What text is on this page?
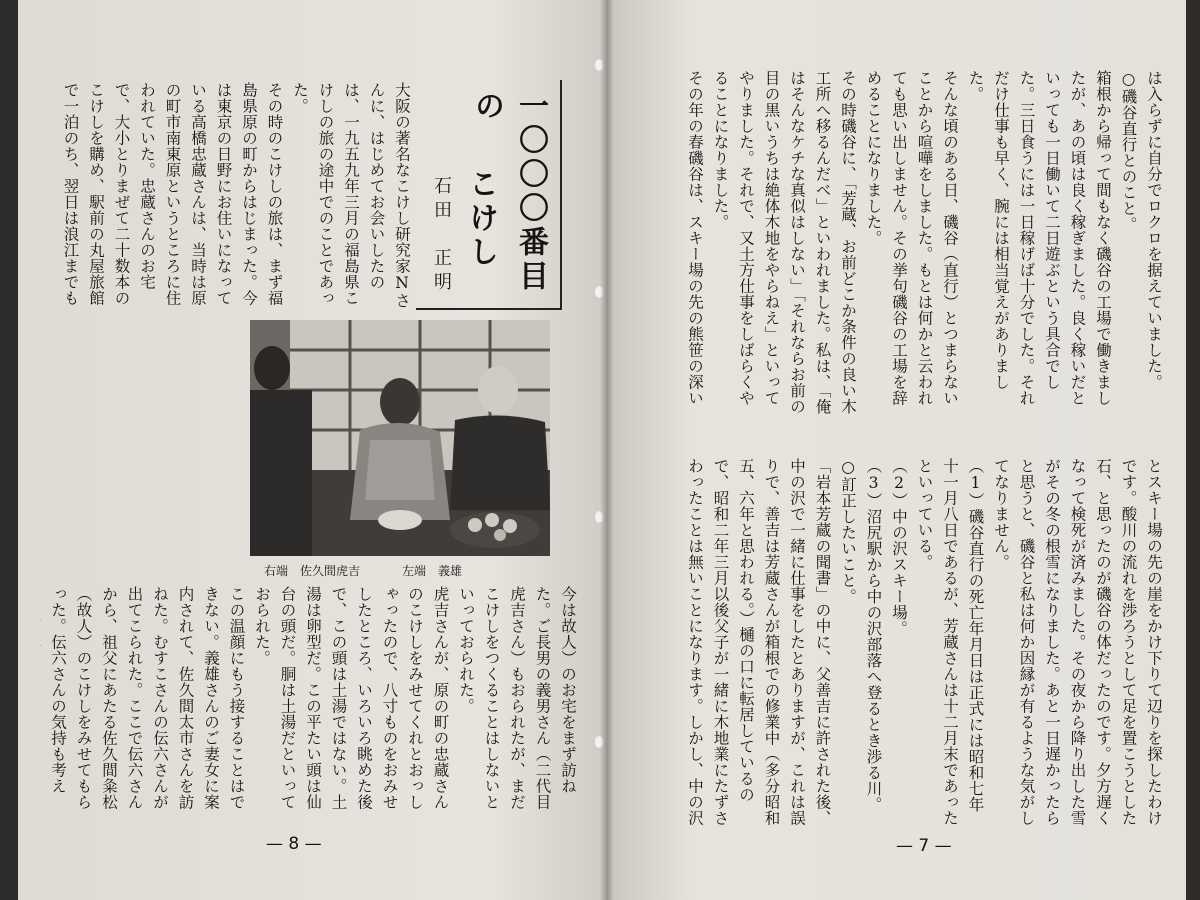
一〇〇〇番目の
こけし
石田　正明
大阪の著名なこけし研究家Nさんに、はじめてお会いしたのは、一九五九年三月の福島県こけしの旅の途中でのことであった。
その時のこけしの旅は、まず福島県原の町からはじまった。今は東京の日野にお住いになっている高橋忠蔵さんは、当時は原の町市南東原というところに住われていた。忠蔵さんのお宅で、大小とりまぜて二十数本のこけしを購め、駅前の丸屋旅館で一泊のち、翌日は浪江までも

右端　佐久間虎吉	左端　義雄
今は故人）のお宅をまず訪ねた。ご長男の義男さん（二代目虎吉さん）もおられたが、まだこけしをつくることはしないといっておられた。
虎吉さんが、原の町の忠蔵さんのこけしをみせてくれとおっしゃったので、八寸ものをおみせしたところ、いろいろ眺めた後で、この頭は土湯ではない。土湯は卵型だ。この平たい頭は仙台の頭だ。胴は土湯だといっておられた。
この温顔にもう接することはできない。義雄さんのご妻女に案内されて、佐久間太市さんを訪ねた。むすこさんの伝六さんが出てこられた。ここで伝六さんから、祖父にあたる佐久間粂松（故人）のこけしをみせてもらった。伝六さんの気持も考え

— 8 —
は入らずに自分でロクロを据えていました。
○磯谷直行とのこと。
箱根から帰って間もなく磯谷の工場で働きましたが、あの頃は良く稼ぎました。良く稼いだといっても一日働いて二日遊ぶという具合でした。三日食うには一日稼げば十分でした。それだけ仕事も早く、腕には相当覚えがありました。
そんな頃のある日、磯谷（直行）とつまらないことから喧嘩をしました。もとは何かと云われても思い出しません。その挙句磯谷の工場を辞めることになりました。
その時磯谷に、「芳蔵、お前どこか条件の良い木工所へ移るんだべ」といわれました。私は、「俺はそんなケチな真似はしない」「それならお前の目の黒いうちは絶体木地をやらねえ」といってやりました。それで、又土方仕事をしばらくやることになりました。
その年の春磯谷は、スキー場の先の熊笹の深い
とスキー場の先の崖をかけ下りて辺りを探したわけです。酸川の流れを渉ろうとして足を置こうとした石、と思ったのが磯谷の体だったのです。夕方遅くなって検死が済みました。その夜から降り出した雪がその冬の根雪になりました。あと一日遅かったらと思うと、磯谷と私は何か因縁が有るような気がしてなりません。
（1）磯谷直行の死亡年月日は正式には昭和七年十一月八日であるが、芳蔵さんは十二月末であったといっている。
（2）中の沢スキー場。
（3）沼尻駅から中の沢部落へ登るとき渉る川。
○訂正したいこと。
「岩本芳蔵の聞書」の中に、父善吉に許された後、中の沢で一緒に仕事をしたとありますが、これは誤りで、善吉は芳蔵さんが箱根での修業中（多分昭和五、六年と思われる。）樋の口に転居しているので、昭和二年三月以後父子が一緒に木地業にたずさわったことは無いことになります。しかし、中の沢
— 7 —
